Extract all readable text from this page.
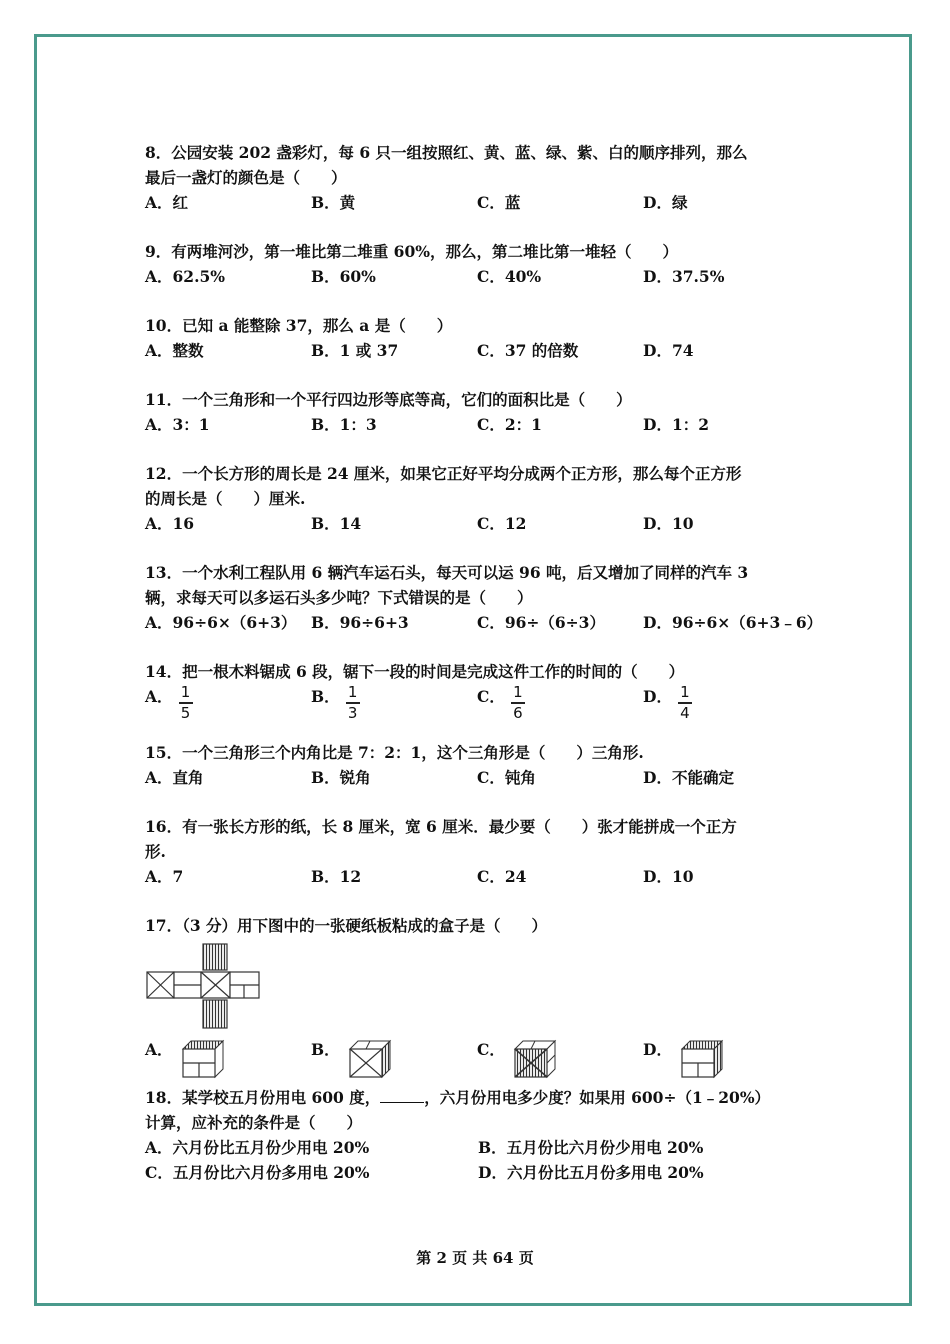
8．公园安装 202 盏彩灯，每 6 只一组按照红、黄、蓝、绿、紫、白的顺序排列，那么

最后一盏灯的颜色是（　　）

A．红	B．黄	C．蓝	D．绿

9．有两堆河沙，第一堆比第二堆重 60%，那么，第二堆比第一堆轻（　　）

A．62.5%	B．60%	C．40%	D．37.5%

10．已知 a 能整除 37，那么 a 是（　　）

A．整数	B．1 或 37	C．37 的倍数	D．74

11．一个三角形和一个平行四边形等底等高，它们的面积比是（　　）

A．3：1	B．1：3	C．2：1	D．1：2

12．一个长方形的周长是 24 厘米，如果它正好平均分成两个正方形，那么每个正方形

的周长是（　　）厘米.

A．16	B．14	C．12	D．10

13．一个水利工程队用 6 辆汽车运石头，每天可以运 96 吨，后又增加了同样的汽车 3

辆，求每天可以多运石头多少吨？下式错误的是（　　）

A．96÷6×（6+3） B．96÷6+3	C．96÷（6÷3）	D．96÷6×（6+3﹣6）

14．把一根木料锯成 6 段，锯下一段的时间是完成这件工作的时间的（　　）

A． $\frac{1}{5}$	B． $\frac{1}{3}$	C． $\frac{1}{6}$	D． $\frac{1}{4}$

15．一个三角形三个内角比是 7：2：1，这个三角形是（　　）三角形.

A．直角	B．锐角	C．钝角	D．不能确定

16．有一张长方形的纸，长 8 厘米，宽 6 厘米．最少要（　　）张才能拼成一个正方

形.

A．7	B．12	C．24	D．10

17．（3 分）用下图中的一张硬纸板粘成的盒子是（　　）

A．	B．	C．	D．

18．某学校五月份用电 600 度，	，六月份用电多少度？如果用 600÷（1﹣20%）

计算，应补充的条件是（　　）

A．六月份比五月份少用电 20%	B．五月份比六月份少用电 20%
C．五月份比六月份多用电 20%	D．六月份比五月份多用电 20%
第 2 页 共 64 页
